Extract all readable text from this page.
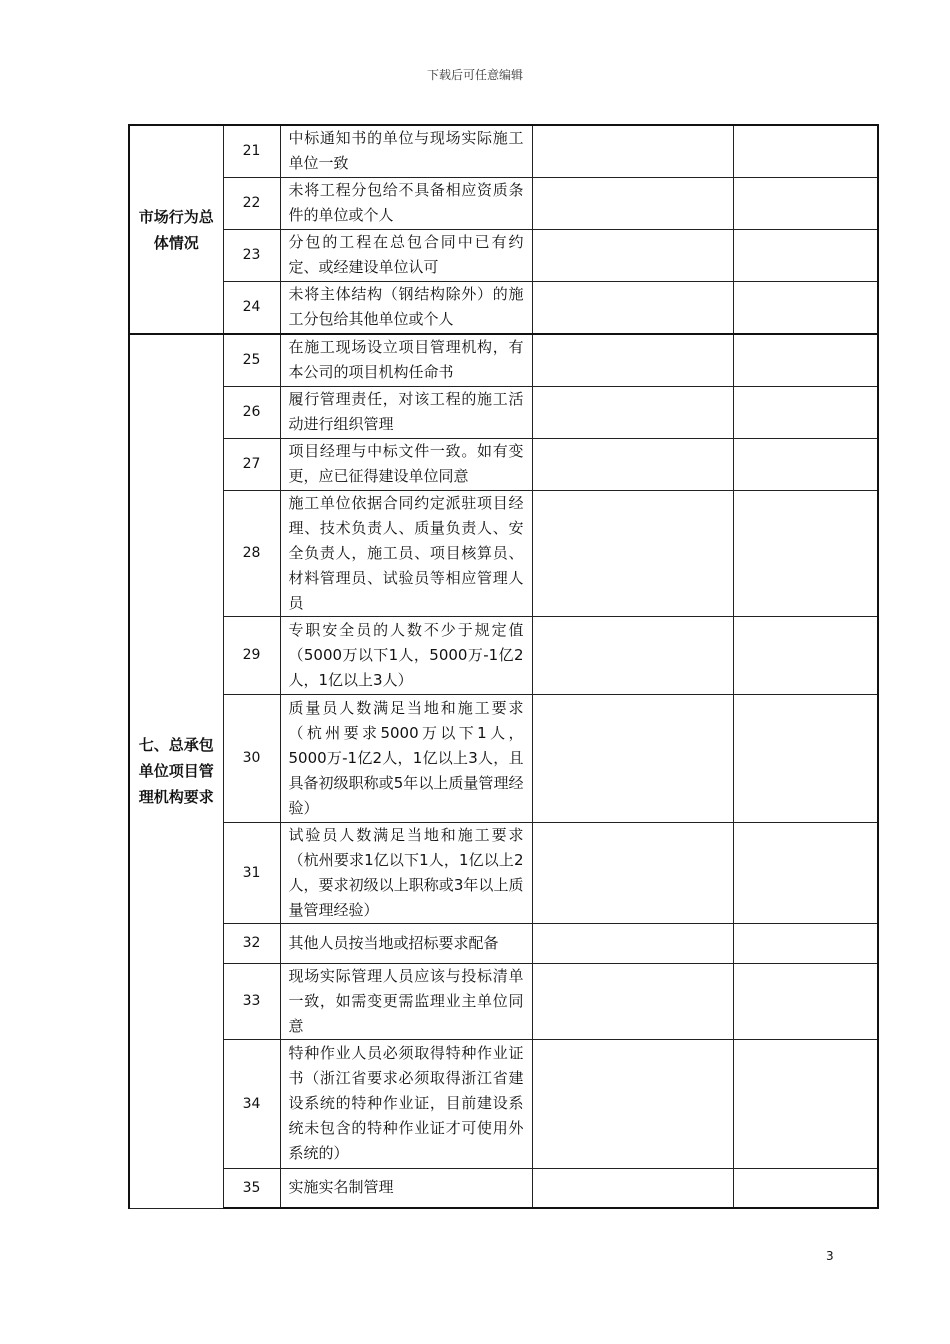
下载后可任意编辑
市场行为总体情况	21	中标通知书的单位与现场实际施工单位一致		
	22	未将工程分包给不具备相应资质条件的单位或个人		
	23	分包的工程在总包合同中已有约定、或经建设单位认可		
	24	未将主体结构（钢结构除外）的施工分包给其他单位或个人		
七、总承包单位项目管理机构要求	25	在施工现场设立项目管理机构，有本公司的项目机构任命书		
	26	履行管理责任，对该工程的施工活动进行组织管理		
	27	项目经理与中标文件一致。如有变更，应已征得建设单位同意		
	28	施工单位依据合同约定派驻项目经理、技术负责人、质量负责人、安全负责人，施工员、项目核算员、材料管理员、试验员等相应管理人员		
	29	专职安全员的人数不少于规定值（5000万以下1人，5000万-1亿2人，1亿以上3人）		
	30	质量员人数满足当地和施工要求（杭州要求5000万以下1人，5000万-1亿2人，1亿以上3人，且具备初级职称或5年以上质量管理经验）		
	31	试验员人数满足当地和施工要求（杭州要求1亿以下1人，1亿以上2人，要求初级以上职称或3年以上质量管理经验）		
	32	其他人员按当地或招标要求配备		
	33	现场实际管理人员应该与投标清单一致，如需变更需监理业主单位同意		
	34	特种作业人员必须取得特种作业证书（浙江省要求必须取得浙江省建设系统的特种作业证，目前建设系统未包含的特种作业证才可使用外系统的）		
	35	实施实名制管理		
3
